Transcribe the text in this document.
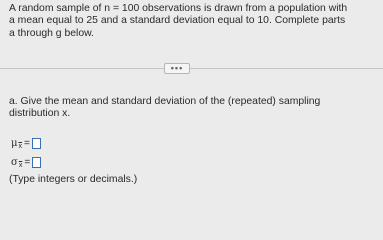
A random sample of n = 100 observations is drawn from a population with
a mean equal to 25 and a standard deviation equal to 10. Complete parts
a through g below.
•••
a. Give the mean and standard deviation of the (repeated) sampling
distribution x.
μ $\overline{x}$ =
σ $\overline{x}$ =
(Type integers or decimals.)
